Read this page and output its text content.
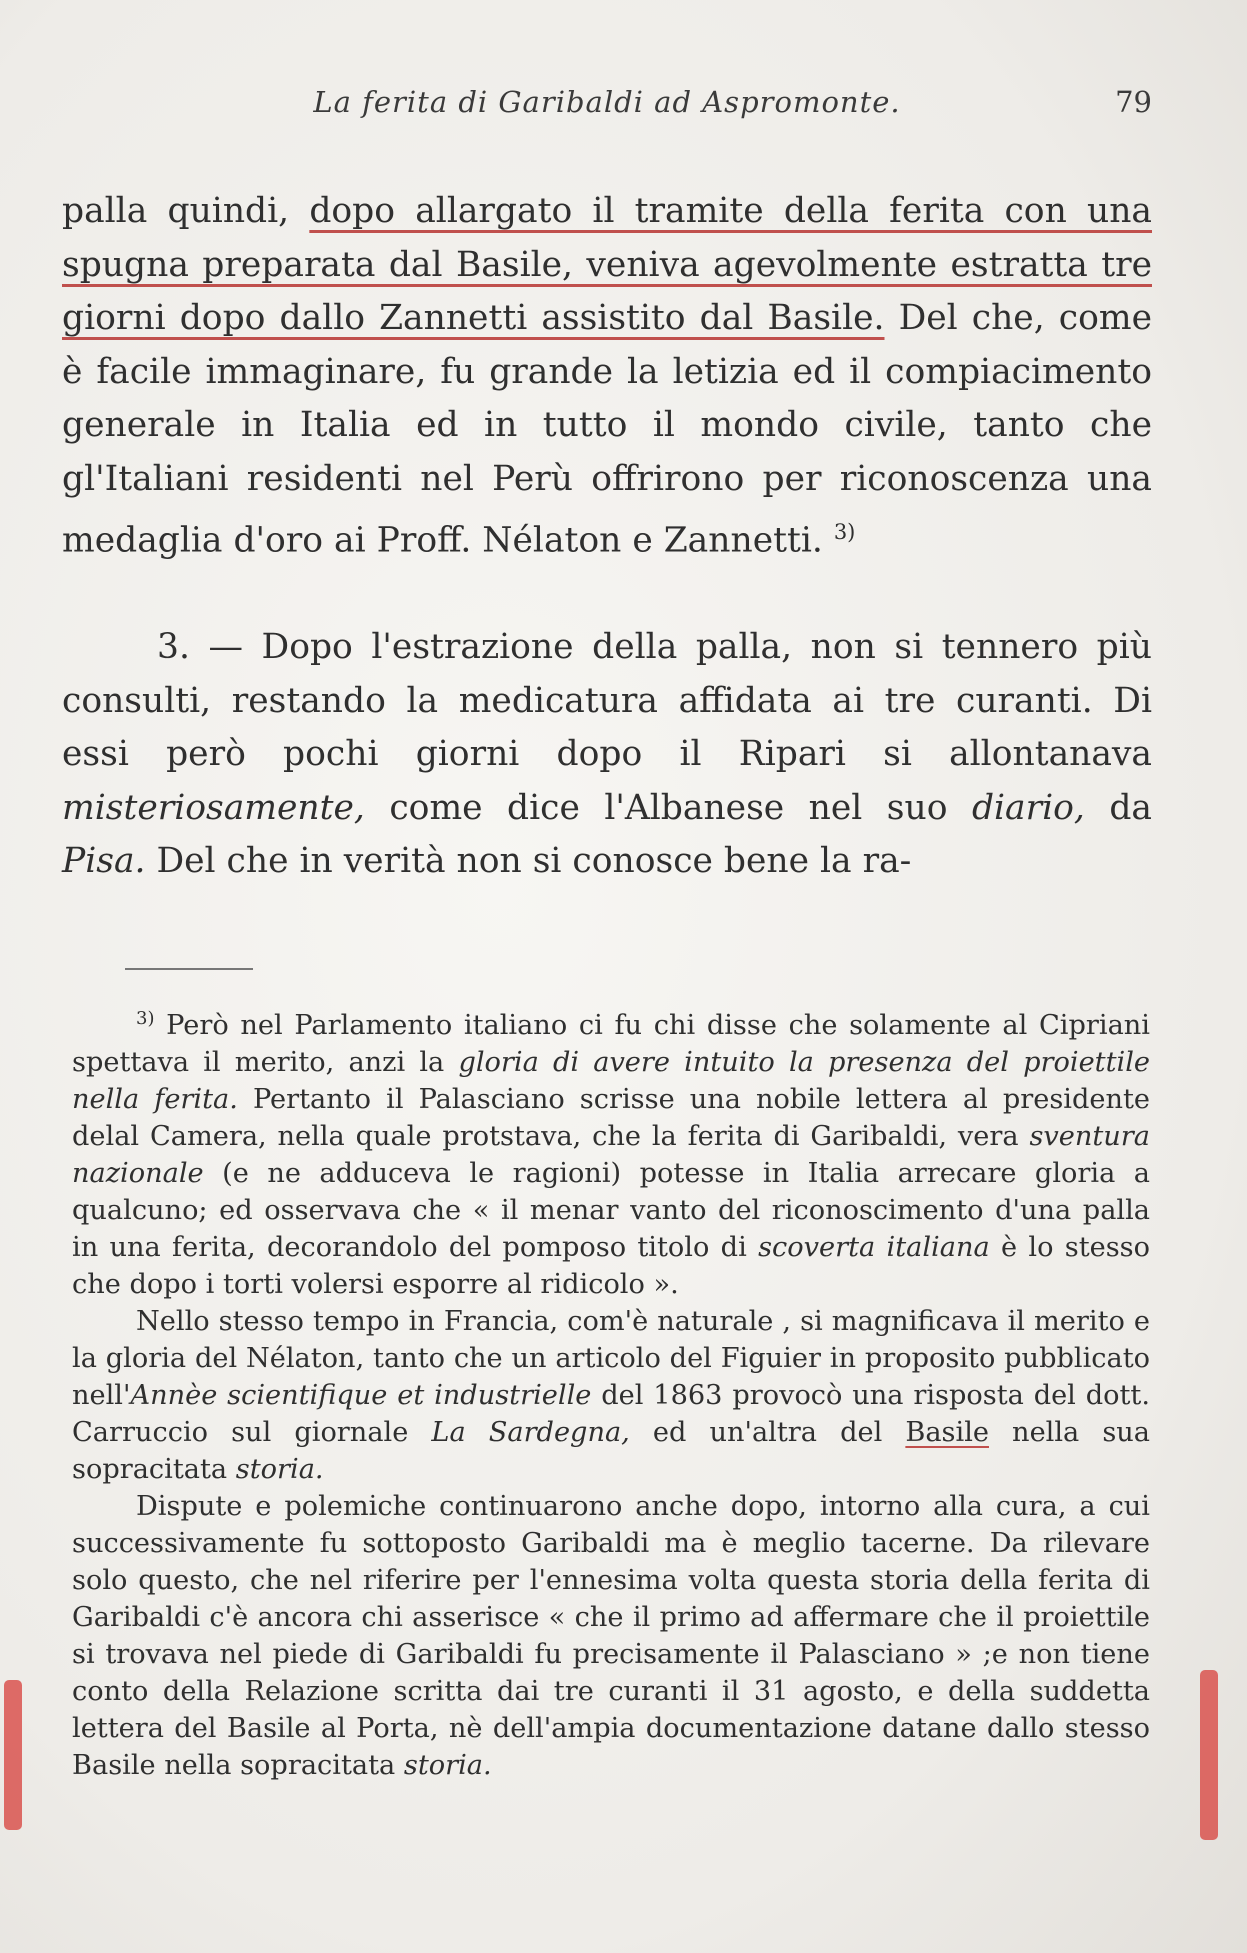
La ferita di Garibaldi ad Aspromonte.	79

palla quindi, dopo allargato il tramite della ferita con una spugna preparata dal Basile, veniva agevolmente estratta tre giorni dopo dallo Zannetti assistito dal Basile. Del che, come è facile immaginare, fu grande la letizia ed il compiacimento generale in Italia ed in tutto il mondo civile, tanto che gl'Italiani residenti nel Perù offrirono per riconoscenza una medaglia d'oro ai Proff. Nélaton e Zannetti. $^{3)}$

3. — Dopo l'estrazione della palla, non si tennero più consulti, restando la medicatura affidata ai tre curanti. Di essi però pochi giorni dopo il Ripari si allontanava misteriosamente, come dice l'Albanese nel suo diario, da Pisa. Del che in verità non si conosce bene la ra-

$^{3)}$ Però nel Parlamento italiano ci fu chi disse che solamente al Cipriani spettava il merito, anzi la gloria di avere intuito la presenza del proiettile nella ferita. Pertanto il Palasciano scrisse una nobile lettera al presidente delal Camera, nella quale protstava, che la ferita di Garibaldi, vera sventura nazionale (e ne adduceva le ragioni) potesse in Italia arrecare gloria a qualcuno; ed osservava che « il menar vanto del riconoscimento d'una palla in una ferita, decorandolo del pomposo titolo di scoverta italiana è lo stesso che dopo i torti volersi esporre al ridicolo ».

Nello stesso tempo in Francia, com'è naturale , si magnificava il merito e la gloria del Nélaton, tanto che un articolo del Figuier in proposito pubblicato nell'Annèe scientifique et industrielle del 1863 provocò una risposta del dott. Carruccio sul giornale La Sardegna, ed un'altra del Basile nella sua sopracitata storia.

Dispute e polemiche continuarono anche dopo, intorno alla cura, a cui successivamente fu sottoposto Garibaldi ma è meglio tacerne. Da rilevare solo questo, che nel riferire per l'ennesima volta questa storia della ferita di Garibaldi c'è ancora chi asserisce « che il primo ad affermare che il proiettile si trovava nel piede di Garibaldi fu precisamente il Palasciano » ;e non tiene conto della Relazione scritta dai tre curanti il 31 agosto, e della suddetta lettera del Basile al Porta, nè dell'ampia documentazione datane dallo stesso Basile nella sopracitata storia.
